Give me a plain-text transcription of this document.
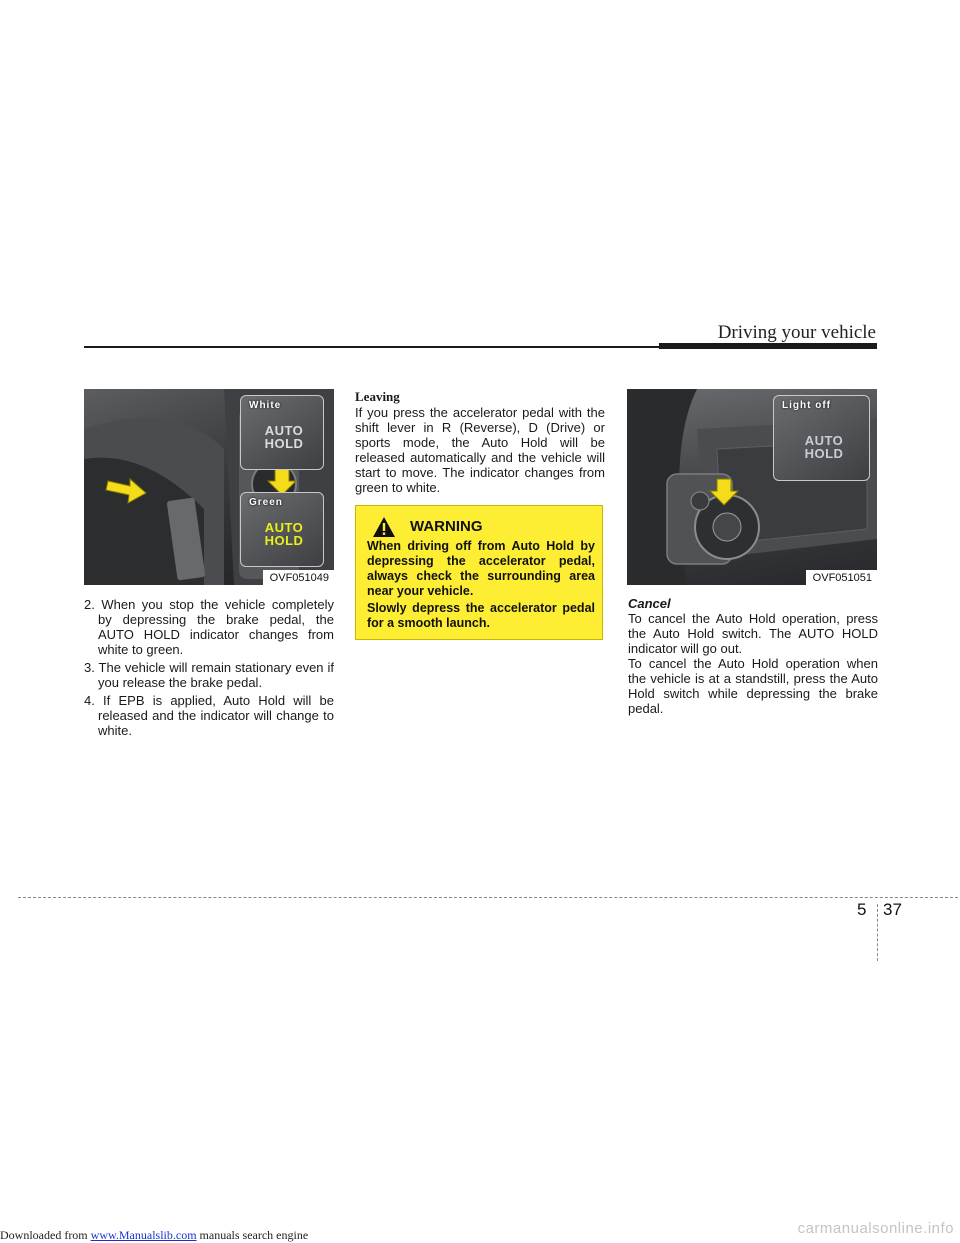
Driving your vehicle
White
AUTO
HOLD
Green
AUTO
HOLD
OVF051049
2. When you stop the vehicle completely by depressing the brake pedal, the AUTO HOLD indicator changes from white to green.
3. The vehicle will remain stationary even if you release the brake pedal.
4. If EPB is applied, Auto Hold will be released and the indicator will change to white.
Leaving
If you press the accelerator pedal with the shift lever in R (Reverse), D (Drive) or sports mode, the Auto Hold will be released automatically and the vehicle will start to move. The indicator changes from green to white.
WARNING

When driving off from Auto Hold by depressing the accelerator pedal, always check the surrounding area near your vehicle.

Slowly depress the accelerator pedal for a smooth launch.

Light off
AUTO
HOLD
OVF051051
Cancel

To cancel the Auto Hold operation, press the Auto Hold switch. The AUTO HOLD indicator will go out.

To cancel the Auto Hold operation when the vehicle is at a standstill, press the Auto Hold switch while depressing the brake pedal.

5 37
Downloaded from www.Manualslib.com manuals search engine	carmanualsonline.info
